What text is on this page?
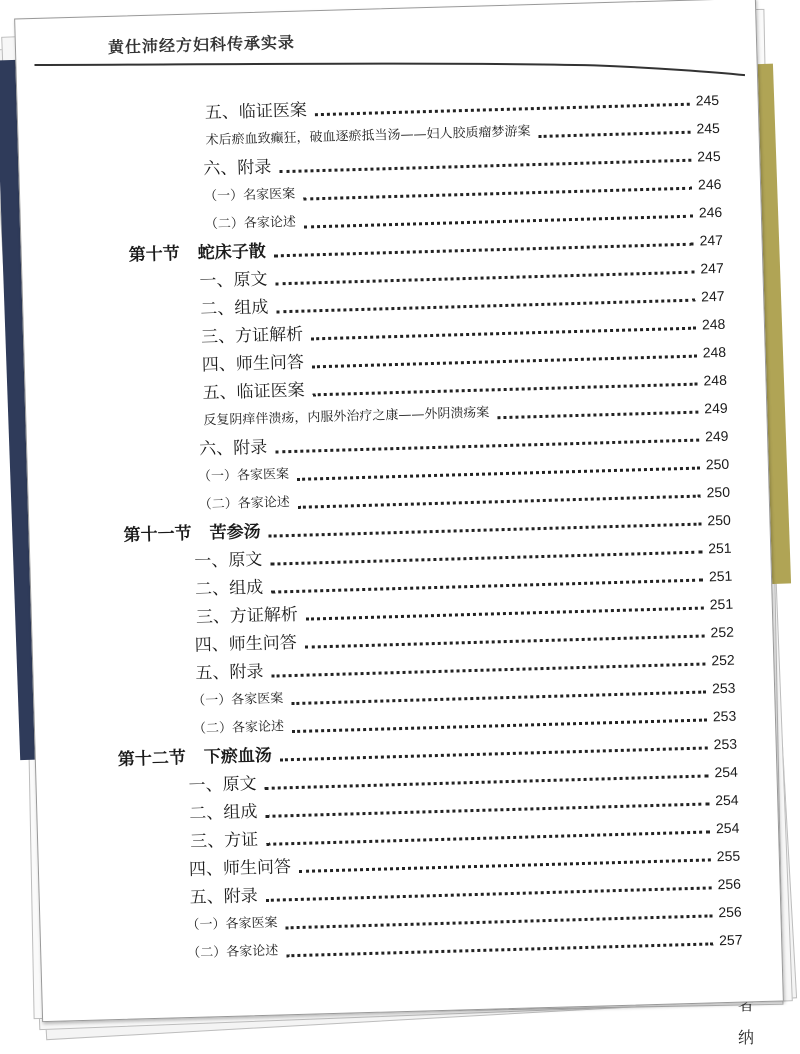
者
纳
黄仕沛经方妇科传承实录
五、临证医案
245
术后瘀血致癫狂，破血逐瘀抵当汤——妇人胶质瘤梦游案	245
六、附录
245
（一）名家医案
246
（二）各家论述
246
第十节 蛇床子散
247
一、原文
247
二、组成
247
三、方证解析
248
四、师生问答
248
五、临证医案
248
反复阴痒伴溃疡，内服外治疗之康——外阴溃疡案	249
六、附录
249
（一）各家医案
250
（二）各家论述
250
第十一节 苦参汤
250
一、原文
251
二、组成
251
三、方证解析
251
四、师生问答
252
五、附录
252
（一）各家医案
253
（二）各家论述
253
第十二节 下瘀血汤
253
一、原文
254
二、组成
254
三、方证
254
四、师生问答
255
五、附录
256
（一）各家医案
256
（二）各家论述
257
